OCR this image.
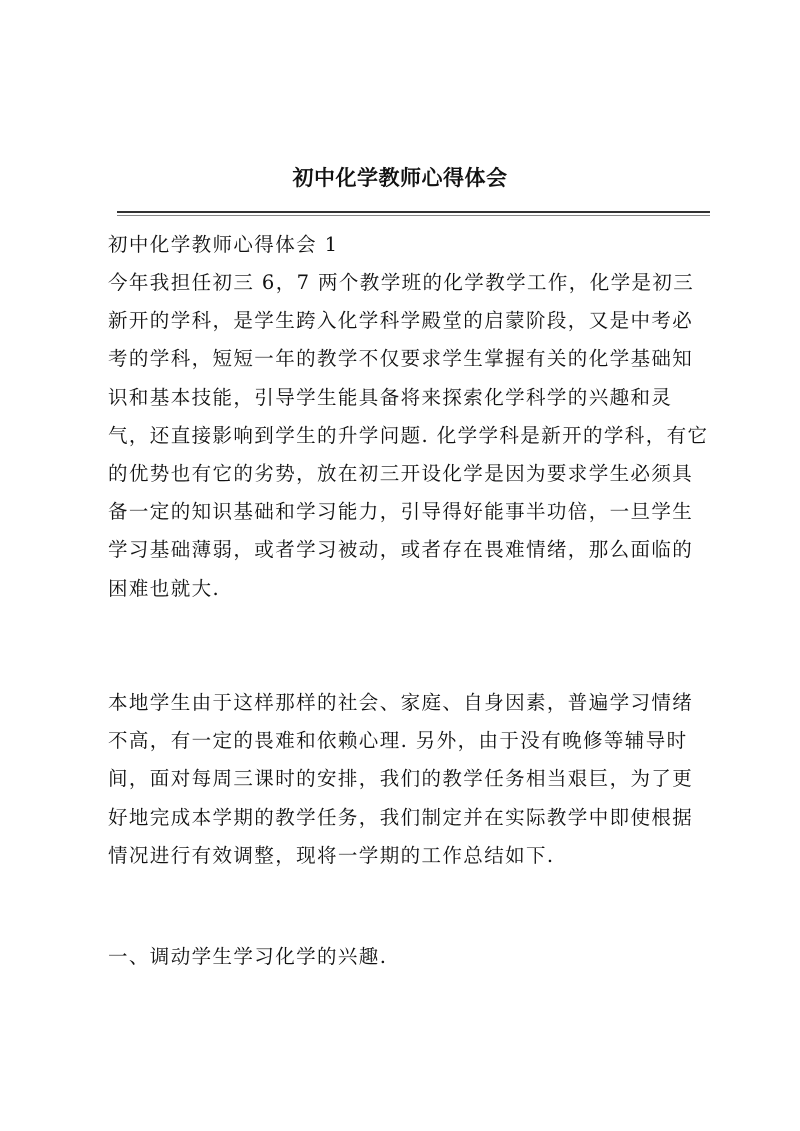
初中化学教师心得体会

初中化学教师心得体会 1

今年我担任初三 6，7 两个教学班的化学教学工作，化学是初三新开的学科，是学生跨入化学科学殿堂的启蒙阶段，又是中考必考的学科，短短一年的教学不仅要求学生掌握有关的化学基础知识和基本技能，引导学生能具备将来探索化学科学的兴趣和灵气，还直接影响到学生的升学问题. 化学学科是新开的学科，有它的优势也有它的劣势，放在初三开设化学是因为要求学生必须具备一定的知识基础和学习能力，引导得好能事半功倍，一旦学生学习基础薄弱，或者学习被动，或者存在畏难情绪，那么面临的困难也就大.

本地学生由于这样那样的社会、家庭、自身因素，普遍学习情绪不高，有一定的畏难和依赖心理. 另外，由于没有晚修等辅导时间，面对每周三课时的安排，我们的教学任务相当艰巨，为了更好地完成本学期的教学任务，我们制定并在实际教学中即使根据情况进行有效调整，现将一学期的工作总结如下.

一、调动学生学习化学的兴趣.
